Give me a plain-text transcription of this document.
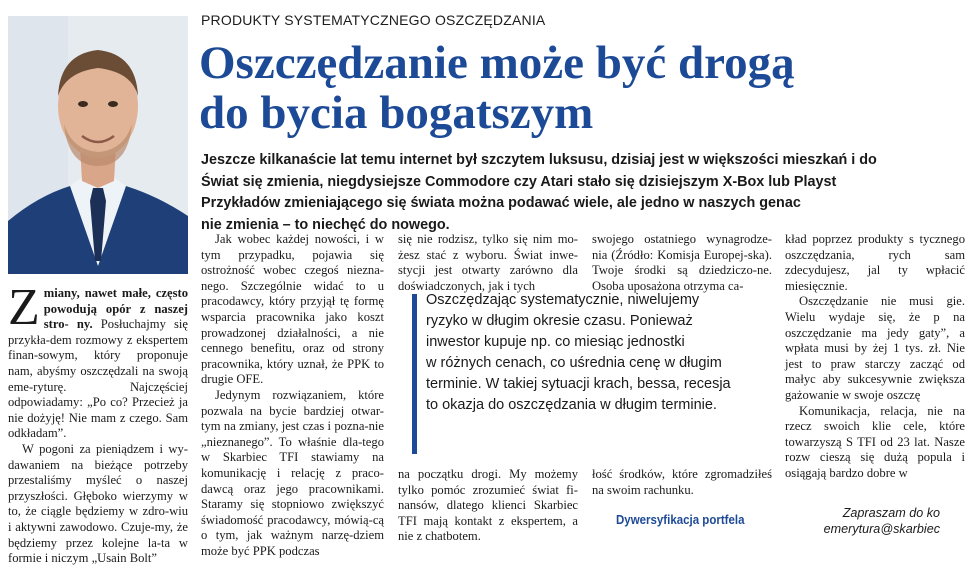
PRODUKTY SYSTEMATYCZNEGO OSZCZĘDZANIA
Oszczędzanie może być drogą
do bycia bogatszym
Jeszcze kilkanaście lat temu internet był szczytem luksusu, dzisiaj jest w większości mieszkań i do
Świat się zmienia, niegdysiejsze Commodore czy Atari stało się dzisiejszym X-Box lub Playst
Przykładów zmieniającego się świata można podawać wiele, ale jedno w naszych genac
nie zmienia – to niechęć do nowego.

Zmiany, nawet małe, często powodują opór z naszej stro- ny. Posłuchajmy się przykła-dem rozmowy z ekspertem finan-sowym, który proponuje nam, abyśmy oszczędzali na swoją eme-ryturę. Najczęściej odpowiadamy: „Po co? Przecież ja nie dożyję! Nie mam z czego. Sam odkładam”.

W pogoni za pieniądzem i wy-dawaniem na bieżące potrzeby przestaliśmy myśleć o naszej przyszłości. Głęboko wierzymy w to, że ciągle będziemy w zdro-wiu i aktywni zawodowo. Czuje-my, że będziemy przez kolejne la-ta w formie i niczym „Usain Bolt”

Jak wobec każdej nowości, i w tym przypadku, pojawia się ostrożność wobec czegoś niezna-nego. Szczególnie widać to u pracodawcy, który przyjął tę formę wsparcia pracownika jako koszt prowadzonej działalności, a nie cennego benefitu, oraz od strony pracownika, który uznał, że PPK to drugie OFE.

Jedynym rozwiązaniem, które pozwala na bycie bardziej otwar-tym na zmiany, jest czas i pozna-nie „nieznanego”. To właśnie dla-tego w Skarbiec TFI stawiamy na komunikację i relację z praco-dawcą oraz jego pracownikami. Staramy się stopniowo zwiększyć świadomość pracodawcy, mówią-cą o tym, jak ważnym narzę-dziem może być PPK podczas

się nie rodzisz, tylko się nim mo-żesz stać z wyboru. Świat inwe-stycji jest otwarty zarówno dla doświadczonych, jak i tych

swojego ostatniego wynagrodze-nia (Źródło: Komisja Europej-ska). Twoje środki są dziedziczo-ne. Osoba uposażona otrzyma ca-

kład poprzez produkty s tycznego oszczędzania, rych sam zdecydujesz, jal ty wpłacić miesięcznie.

Oszczędzanie nie musi gie. Wielu wydaje się, że p na oszczędzanie ma jedy gaty”, a wpłata musi by żej 1 tys. zł. Nie jest to praw starczy zacząć od małyc aby sukcesywnie zwiększa gażowanie w swoje oszczę

Komunikacja, relacja, nie na rzecz swoich klie cele, które towarzyszą S TFI od 23 lat. Nasze rozw cieszą się dużą popula i osiągają bardzo dobre w

Oszczędzając systematycznie, niwelujemy
ryzyko w długim okresie czasu. Ponieważ
inwestor kupuje np. co miesiąc jednostki
w różnych cenach, co uśrednia cenę w długim
terminie. W takiej sytuacji krach, bessa, recesja
to okazja do oszczędzania w długim terminie.

na początku drogi. My możemy tylko pomóc zrozumieć świat fi-nansów, dlatego klienci Skarbiec TFI mają kontakt z ekspertem, a nie z chatbotem.

łość środków, które zgromadziłeś na swoim rachunku.

Dywersyfikacja portfela	Zapraszam do ko
emerytura@skarbiec
